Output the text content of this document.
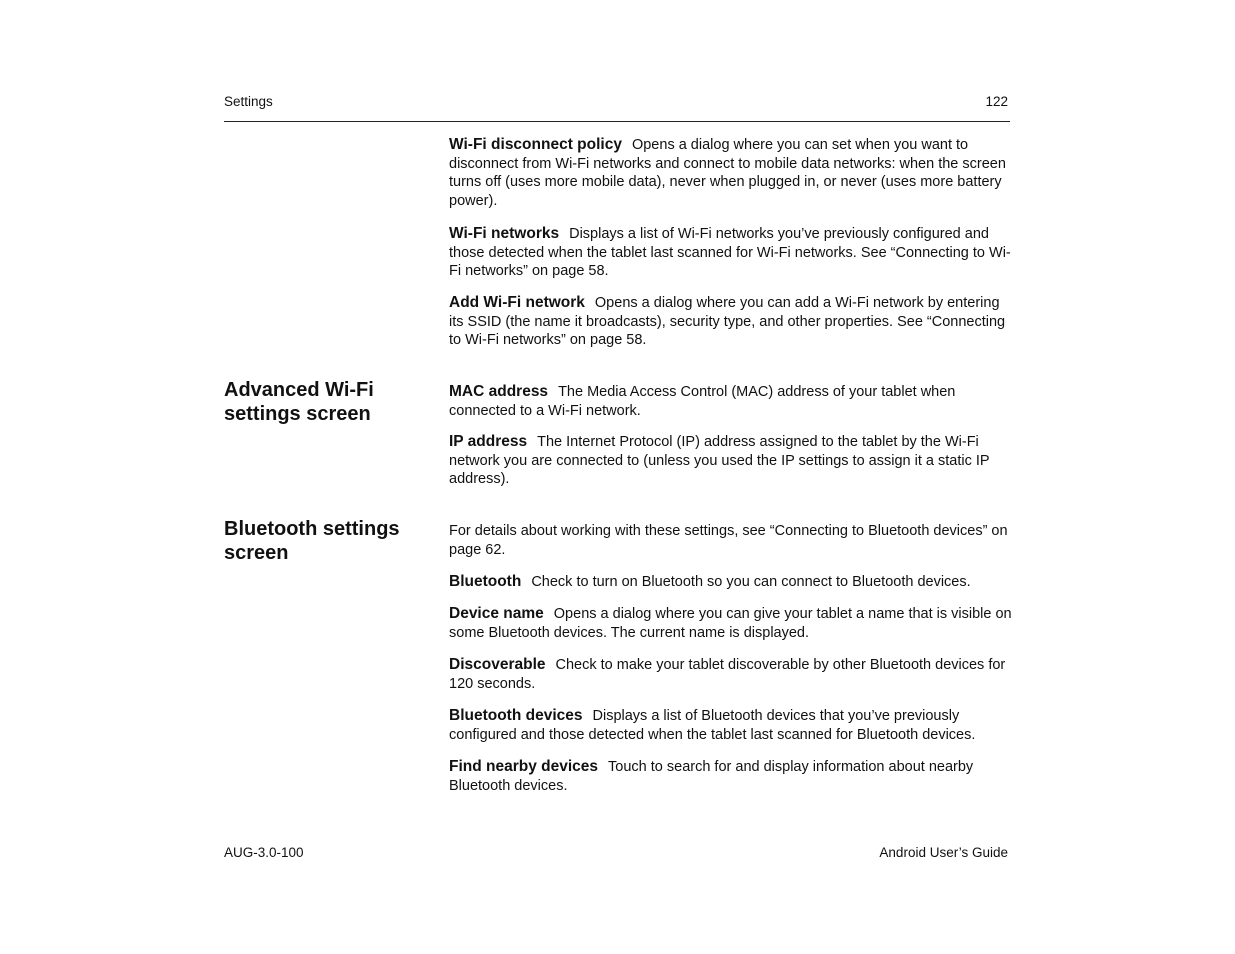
Settings	122
Wi-Fi disconnect policy Opens a dialog where you can set when you want to disconnect from Wi-Fi networks and connect to mobile data networks: when the screen turns off (uses more mobile data), never when plugged in, or never (uses more battery power).
Wi-Fi networks Displays a list of Wi-Fi networks you’ve previously configured and those detected when the tablet last scanned for Wi-Fi networks. See “Connecting to Wi-Fi networks” on page 58.
Add Wi-Fi network Opens a dialog where you can add a Wi-Fi network by entering its SSID (the name it broadcasts), security type, and other properties. See “Connecting to Wi-Fi networks” on page 58.
Advanced Wi-Fi settings screen
MAC address The Media Access Control (MAC) address of your tablet when connected to a Wi-Fi network.
IP address The Internet Protocol (IP) address assigned to the tablet by the Wi-Fi network you are connected to (unless you used the IP settings to assign it a static IP address).
Bluetooth settings screen
For details about working with these settings, see “Connecting to Bluetooth devices” on page 62.
Bluetooth Check to turn on Bluetooth so you can connect to Bluetooth devices.
Device name Opens a dialog where you can give your tablet a name that is visible on some Bluetooth devices. The current name is displayed.
Discoverable Check to make your tablet discoverable by other Bluetooth devices for 120 seconds.
Bluetooth devices Displays a list of Bluetooth devices that you’ve previously configured and those detected when the tablet last scanned for Bluetooth devices.
Find nearby devices Touch to search for and display information about nearby Bluetooth devices.
AUG-3.0-100	Android User’s Guide
